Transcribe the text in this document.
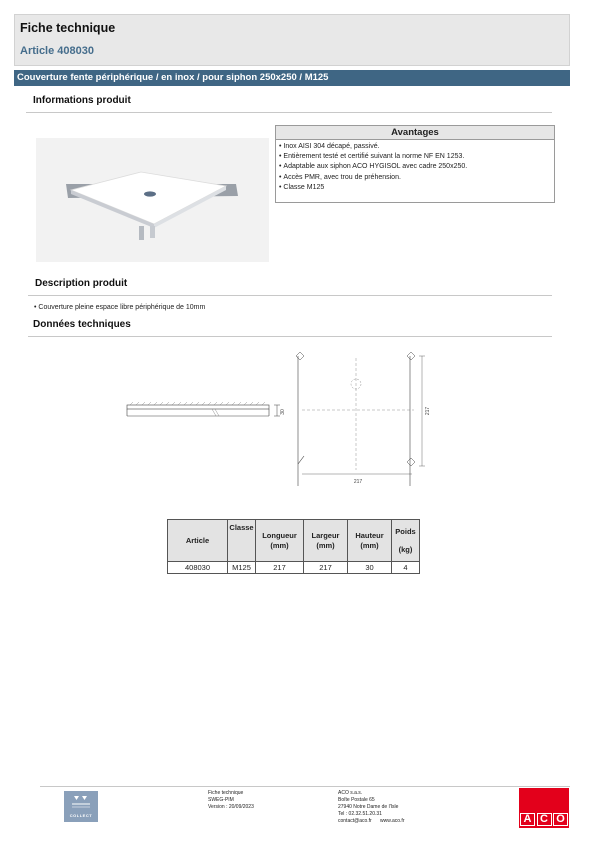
Fiche technique
Article 408030
Couverture fente périphérique / en inox / pour siphon 250x250 / M125
Informations produit
Avantages
• Inox AISI 304 décapé, passivé.
• Entièrement testé et certifié suivant la norme NF EN 1253.
• Adaptable aux siphon ACO HYGISOL avec cadre 250x250.
• Accès PMR, avec trou de préhension.
• Classe M125
Description produit
• Couverture pleine espace libre périphérique de 10mm
Données techniques
30	217
217
Article	Classe	Longueur (mm)	Largeur (mm)	Hauteur (mm)	Poids
(kg)

408030	M125	217	217	30	4
COLLECT
Fiche technique
SWEG-PIM
Version : 20/09/2023
ACO s.a.s.
Boîte Postale 65
27940 Notre Dame de l'Isle
Tel : 02.32.51.20.31
contact@aco.fr      www.aco.fr	A C O
